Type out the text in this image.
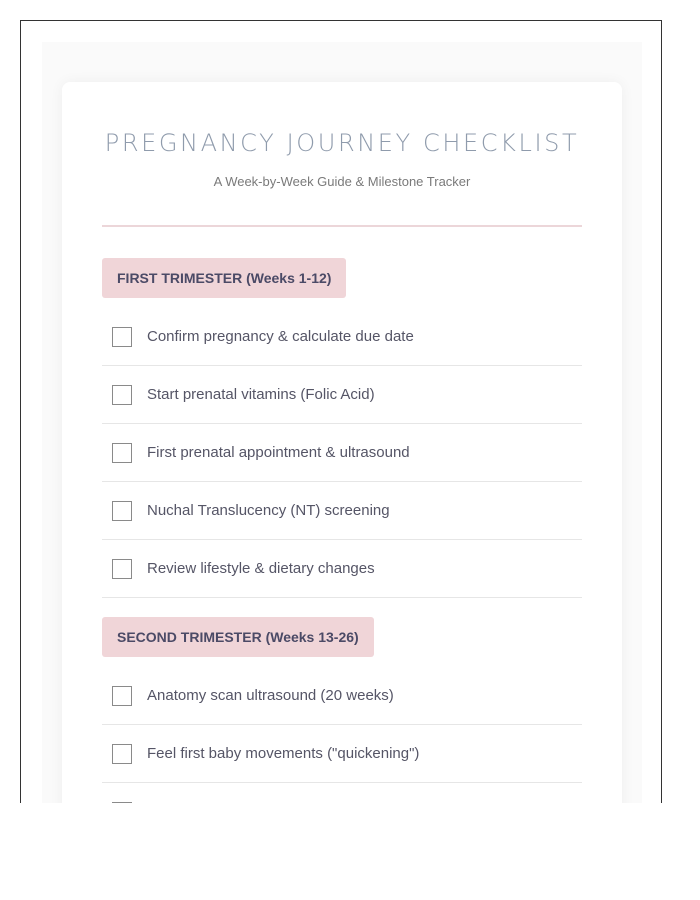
PREGNANCY JOURNEY CHECKLIST
A Week-by-Week Guide & Milestone Tracker
FIRST TRIMESTER (Weeks 1-12)
Confirm pregnancy & calculate due date
Start prenatal vitamins (Folic Acid)
First prenatal appointment & ultrasound
Nuchal Translucency (NT) screening
Review lifestyle & dietary changes
SECOND TRIMESTER (Weeks 13-26)
Anatomy scan ultrasound (20 weeks)
Feel first baby movements ("quickening")
